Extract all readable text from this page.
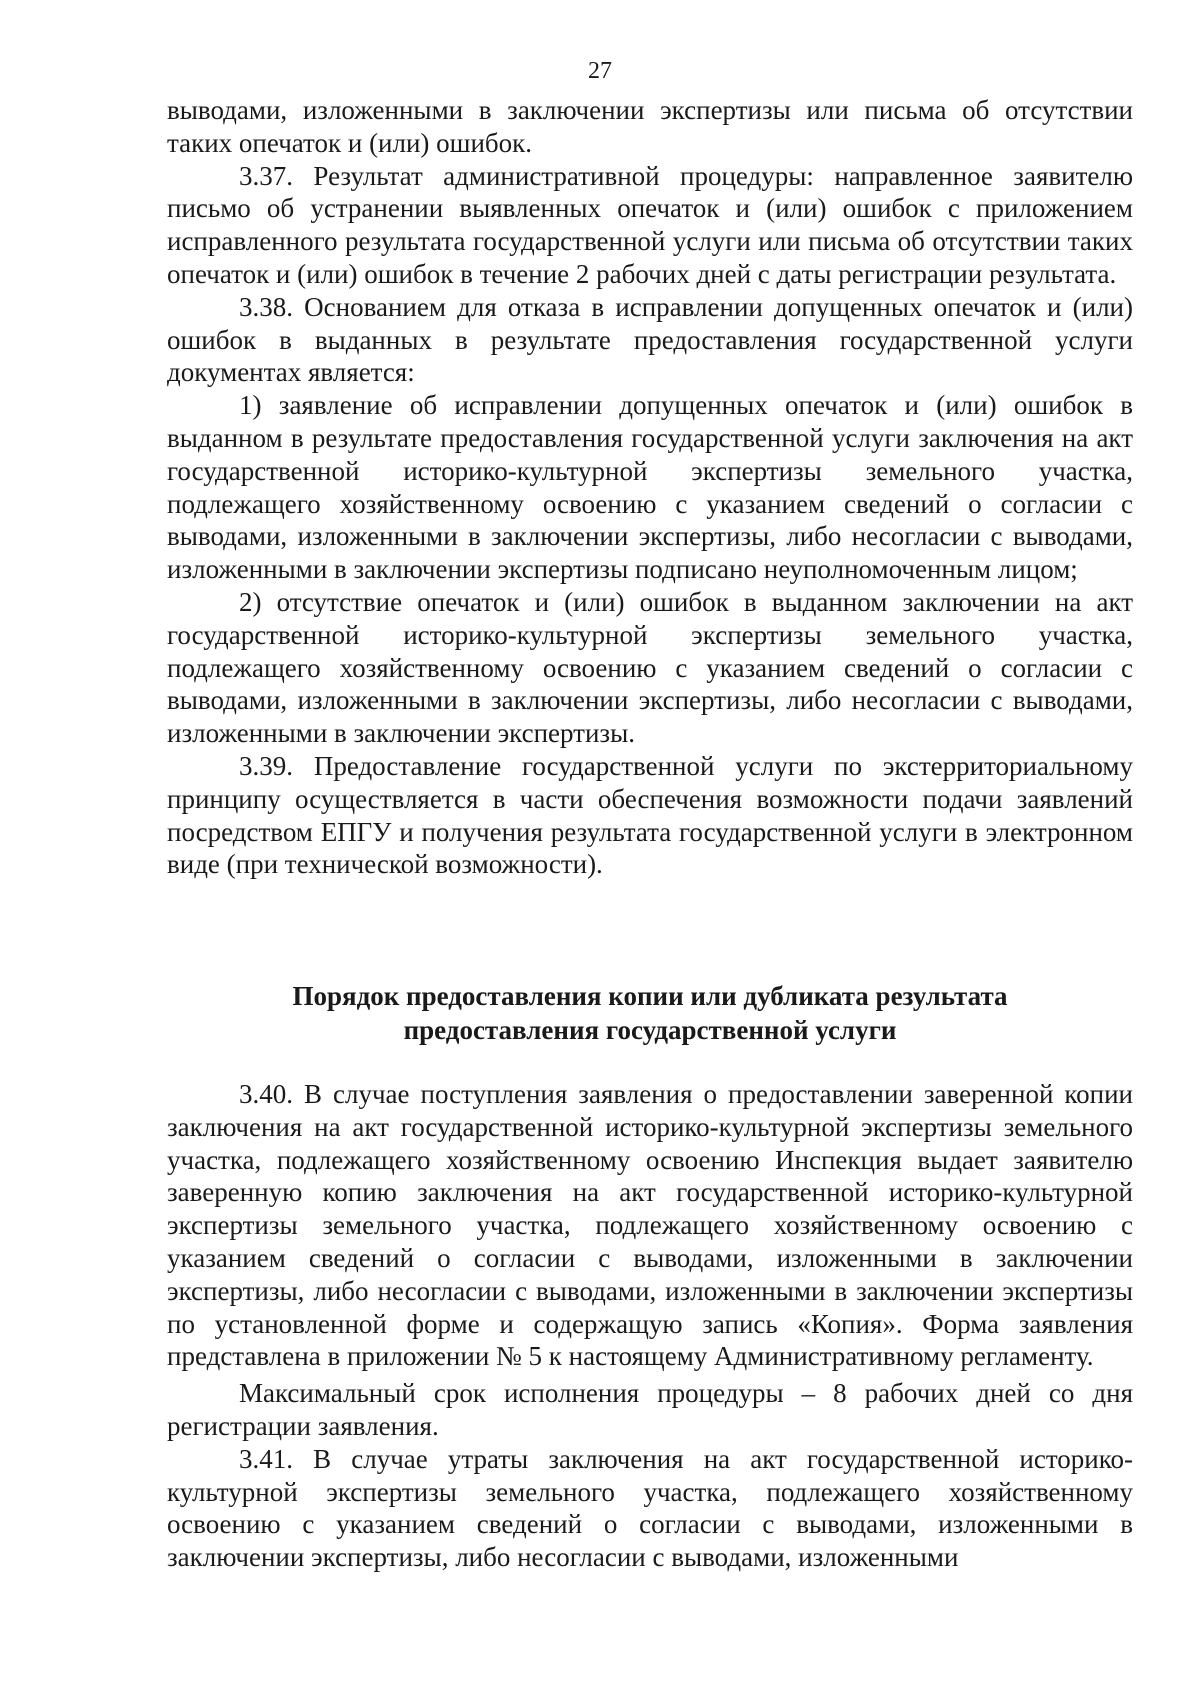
27

выводами, изложенными в заключении экспертизы или письма об отсутствии таких опечаток и (или) ошибок.

3.37. Результат административной процедуры: направленное заявителю письмо об устранении выявленных опечаток и (или) ошибок с приложением исправленного результата государственной услуги или письма об отсутствии таких опечаток и (или) ошибок в течение 2 рабочих дней с даты регистрации результата.

3.38. Основанием для отказа в исправлении допущенных опечаток и (или) ошибок в выданных в результате предоставления государственной услуги документах является:

1) заявление об исправлении допущенных опечаток и (или) ошибок в выданном в результате предоставления государственной услуги заключения на акт государственной историко-культурной экспертизы земельного участка, подлежащего хозяйственному освоению с указанием сведений о согласии с выводами, изложенными в заключении экспертизы, либо несогласии с выводами, изложенными в заключении экспертизы подписано неуполномоченным лицом;

2) отсутствие опечаток и (или) ошибок в выданном заключении на акт государственной историко-культурной экспертизы земельного участка, подлежащего хозяйственному освоению с указанием сведений о согласии с выводами, изложенными в заключении экспертизы, либо несогласии с выводами, изложенными в заключении экспертизы.

3.39. Предоставление государственной услуги по экстерриториальному принципу осуществляется в части обеспечения возможности подачи заявлений посредством ЕПГУ и получения результата государственной услуги в электронном виде (при технической возможности).

Порядок предоставления копии или дубликата результата
предоставления государственной услуги

3.40. В случае поступления заявления о предоставлении заверенной копии заключения на акт государственной историко-культурной экспертизы земельного участка, подлежащего хозяйственному освоению Инспекция выдает заявителю заверенную копию заключения на акт государственной историко-культурной экспертизы земельного участка, подлежащего хозяйственному освоению с указанием сведений о согласии с выводами, изложенными в заключении экспертизы, либо несогласии с выводами, изложенными в заключении экспертизы по установленной форме и содержащую запись «Копия». Форма заявления представлена в приложении № 5 к настоящему Административному регламенту.

Максимальный срок исполнения процедуры – 8 рабочих дней со дня регистрации заявления.

3.41. В случае утраты заключения на акт государственной историко-культурной экспертизы земельного участка, подлежащего хозяйственному освоению с указанием сведений о согласии с выводами, изложенными в заключении экспертизы, либо несогласии с выводами, изложенными
